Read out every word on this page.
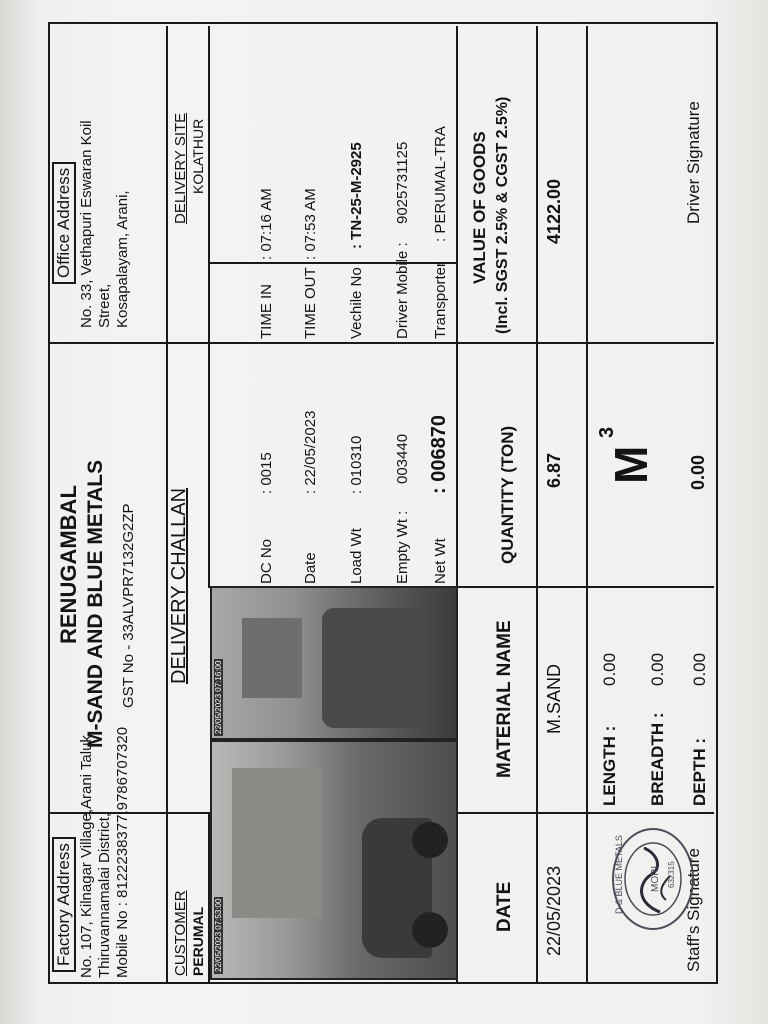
Factory Address No. 107, Kilnagar Village,Arani Taluk, Thiruvannamalai District, Mobile No : 8122238377,9786707320
RENUGAMBAL M-SAND AND BLUE METALS GST No - 33ALVPR7132G2ZP DELIVERY CHALLAN
Office Address No. 33, Vethapuri Eswaran Koil Street, Kosapalayam, Arani,
CUSTOMER PERUMAL
DELIVERY SITE KOLATHUR
22/05/2023 07:53:00
22/05/2023 07:16:00
DC No
: 0015
Date
: 22/05/2023
Load Wt
: 010310
Empty Wt :
003440
Net Wt
: 006870
TIME IN
: 07:16 AM
TIME OUT
: 07:53 AM
Vechile No
: TN-25-M-2925
Driver Mobile :
9025731125
Transporter
: PERUMAL-TRA
DATE
MATERIAL NAME
QUANTITY (TON)
VALUE OF GOODS (Incl. SGST 2.5% & CGST 2.5%)
22/05/2023
M.SAND
6.87
4122.00
LENGTH :
0.00
BREADTH :
0.00
DEPTH :
0.00
M
3
0.00
Staff's Signature
Driver Signature
D & BLUE METALS	MORI 632315
